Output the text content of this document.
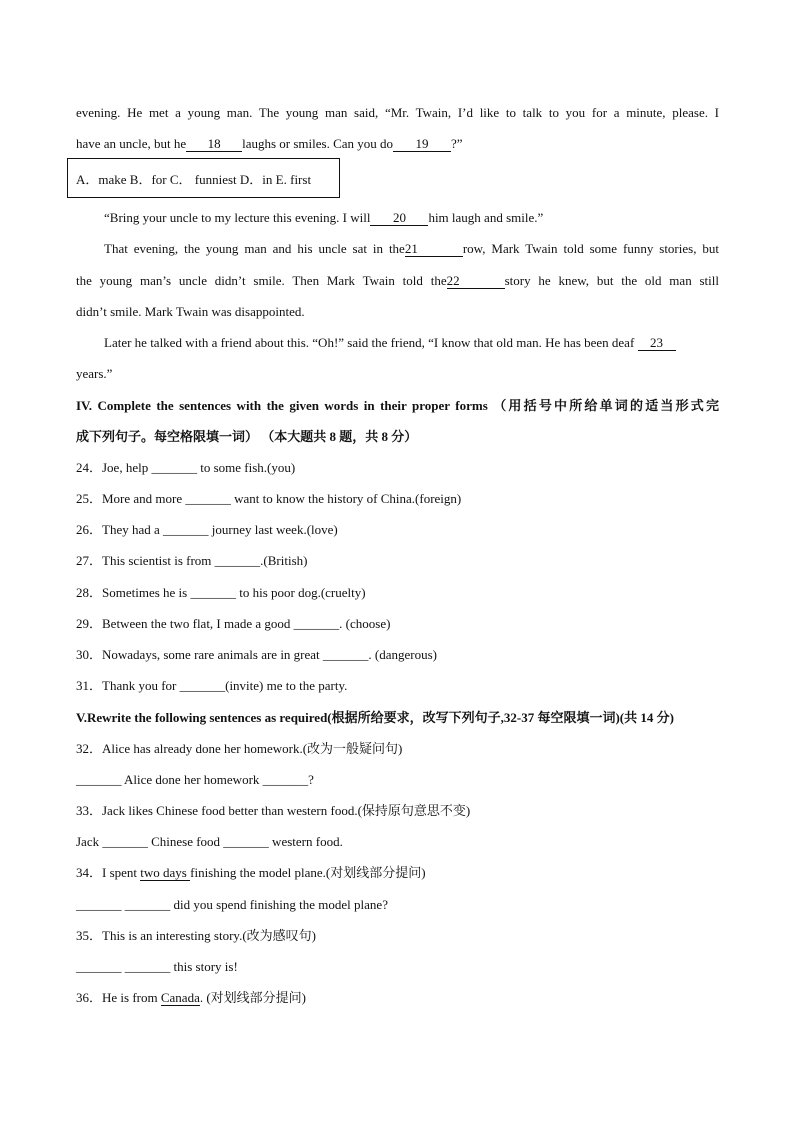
evening. He met a young man. The young man said, “Mr. Twain, I’d like to talk to you for a minute, please. I
have an uncle, but he 18 laughs or smiles. Can you do 19 ?”
A．make B．for C． funniest D．in E. first
“Bring your uncle to my lecture this evening. I will 20 him laugh and smile.”
That evening, the young man and his uncle sat in the21	row, Mark Twain told some funny stories, but
the young man’s uncle didn’t smile. Then Mark Twain told the22	story he knew, but the old man still
didn’t smile. Mark Twain was disappointed.
Later he talked with a friend about this. “Oh!” said the friend, “I know that old man. He has been deaf 23
years.”
IV. Complete the sentences with the given words in their proper forms （用括号中所给单词的适当形式完
成下列句子。每空格限填一词） （本大题共 8 题，共 8 分）
24．Joe, help _______ to some fish.(you)
25．More and more _______ want to know the history of China.(foreign)
26．They had a _______ journey last week.(love)
27．This scientist is from _______.(British)
28．Sometimes he is _______ to his poor dog.(cruelty)
29．Between the two flat, I made a good _______. (choose)
30．Nowadays, some rare animals are in great _______. (dangerous)
31．Thank you for _______(invite) me to the party.
V.Rewrite the following sentences as required(根据所给要求，改写下列句子,32-37 每空限填一词)(共 14 分)
32．Alice has already done her homework.(改为一般疑问句)
_______ Alice done her homework _______?
33．Jack likes Chinese food better than western food.(保持原句意思不变)
Jack _______ Chinese food _______ western food.
34．I spent two days finishing the model plane.(对划线部分提问)
_______ _______ did you spend finishing the model plane?
35．This is an interesting story.(改为感叹句)
_______ _______ this story is!
36．He is from Canada. (对划线部分提问)
